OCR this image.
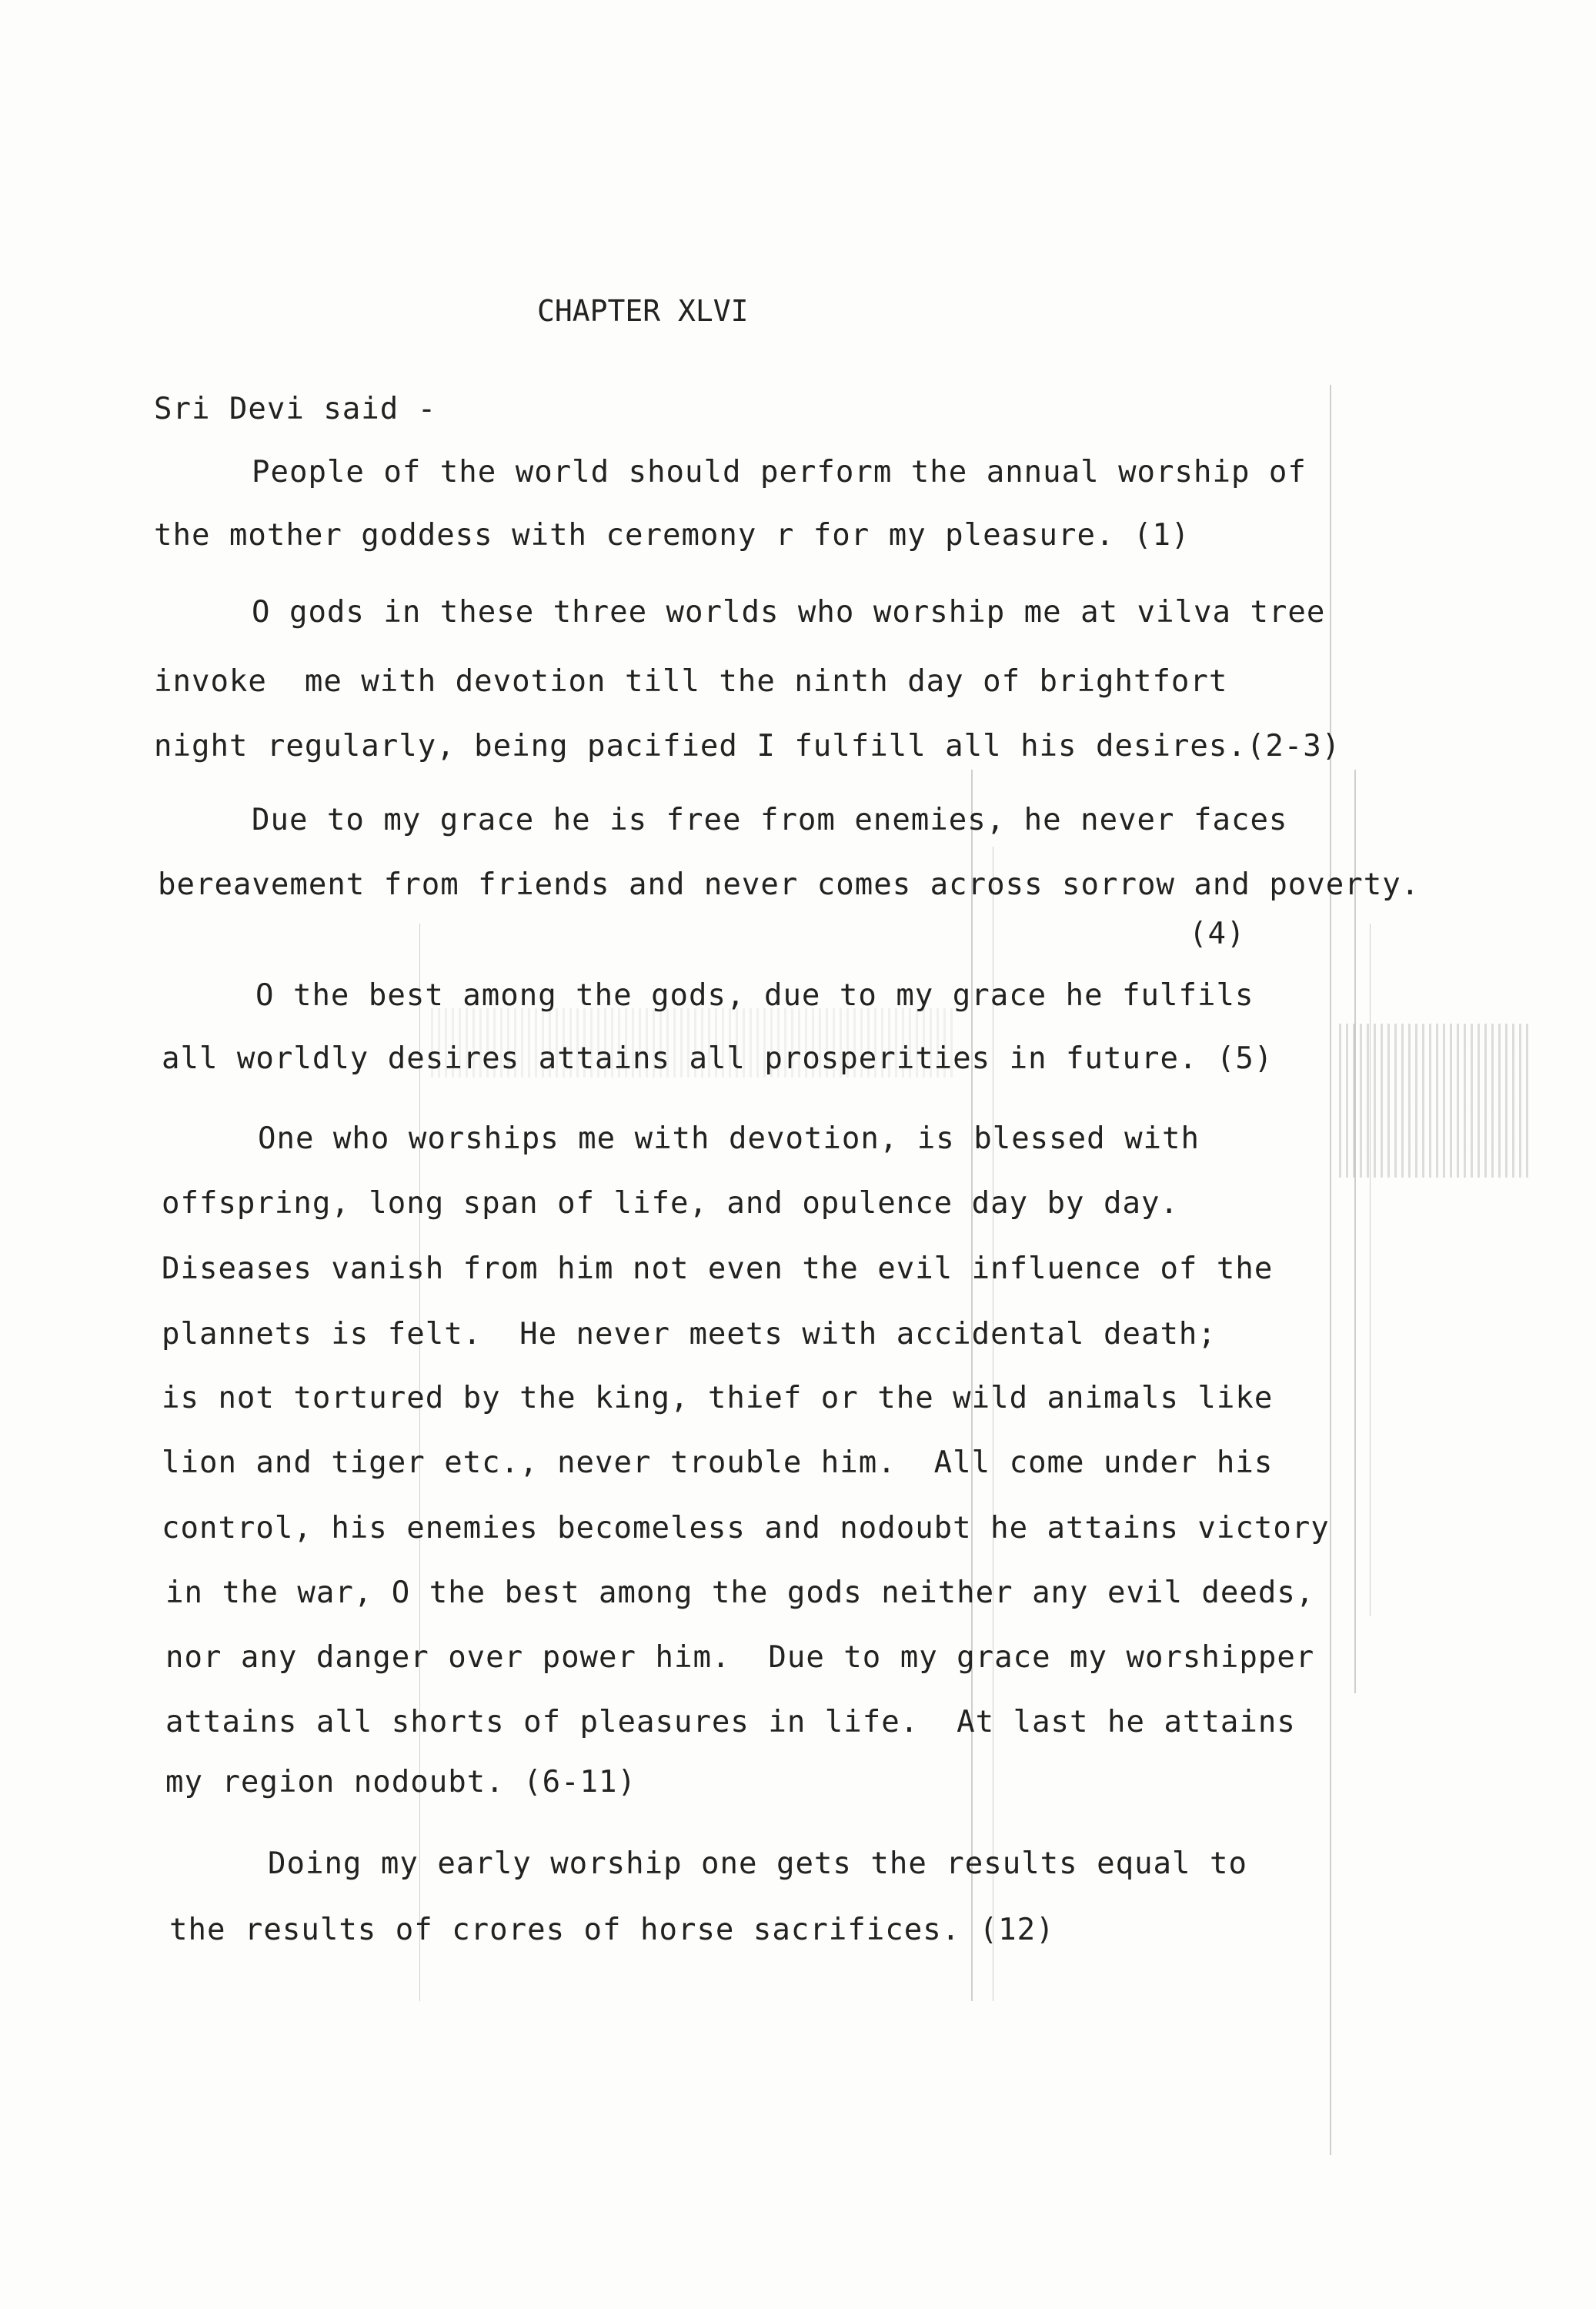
CHAPTER XLVI
Sri Devi said -
People of the world should perform the annual worship of
the mother goddess with ceremony r for my pleasure. (1)
O gods in these three worlds who worship me at vilva tree
invoke  me with devotion till the ninth day of brightfort
night regularly, being pacified I fulfill all his desires.(2-3)
Due to my grace he is free from enemies, he never faces
bereavement from friends and never comes across sorrow and poverty.
(4)
O the best among the gods, due to my grace he fulfils
all worldly desires attains all prosperities in future. (5)
One who worships me with devotion, is blessed with
offspring, long span of life, and opulence day by day.
Diseases vanish from him not even the evil influence of the
plannets is felt.  He never meets with accidental death;
is not tortured by the king, thief or the wild animals like
lion and tiger etc., never trouble him.  All come under his
control, his enemies becomeless and nodoubt he attains victory
in the war, O the best among the gods neither any evil deeds,
nor any danger over power him.  Due to my grace my worshipper
attains all shorts of pleasures in life.  At last he attains
my region nodoubt. (6-11)
Doing my early worship one gets the results equal to
the results of crores of horse sacrifices. (12)
